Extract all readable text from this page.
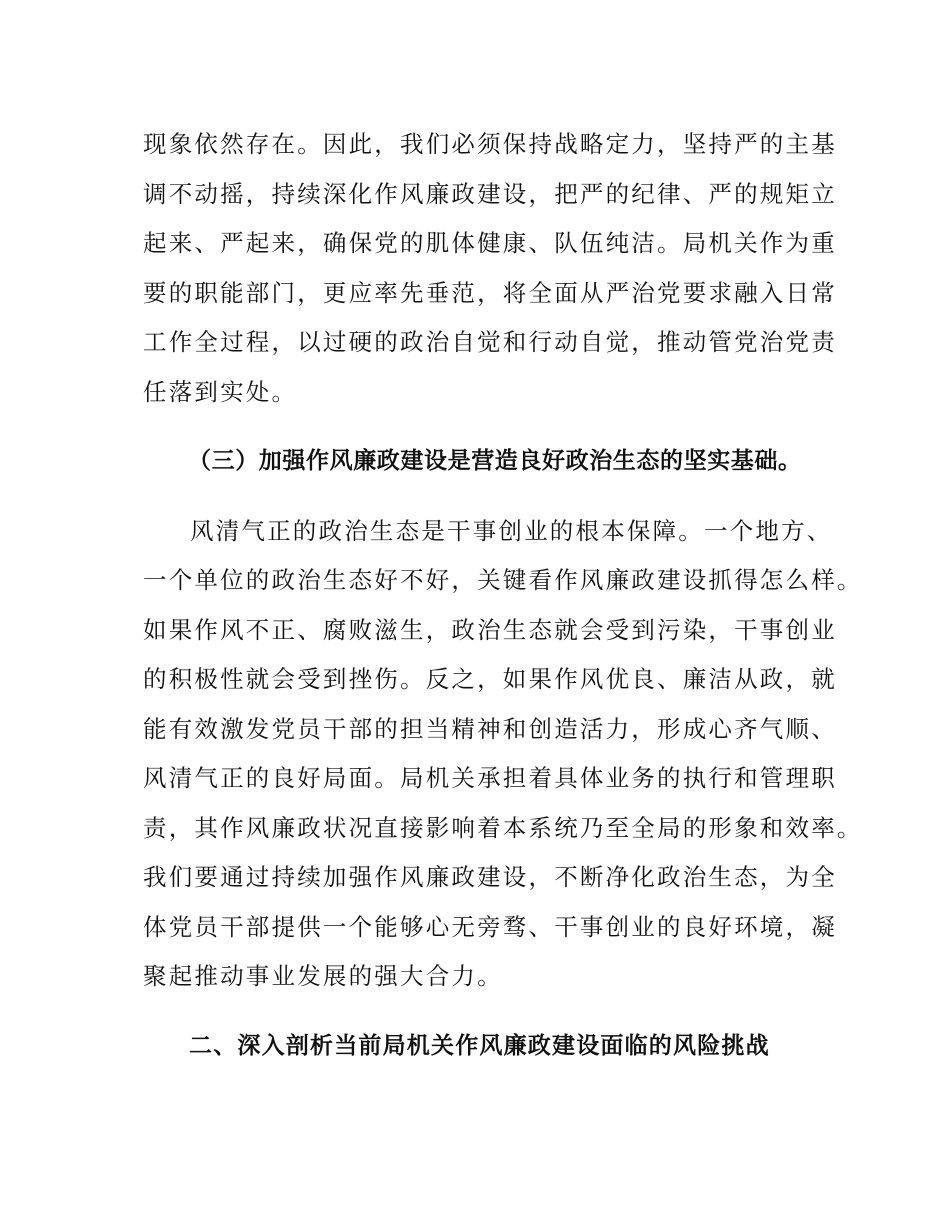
现象依然存在。因此，我们必须保持战略定力，坚持严的主基
调不动摇，持续深化作风廉政建设，把严的纪律、严的规矩立
起来、严起来，确保党的肌体健康、队伍纯洁。局机关作为重
要的职能部门，更应率先垂范，将全面从严治党要求融入日常
工作全过程，以过硬的政治自觉和行动自觉，推动管党治党责
任落到实处。
（三）加强作风廉政建设是营造良好政治生态的坚实基础。
风清气正的政治生态是干事创业的根本保障。一个地方、
一个单位的政治生态好不好，关键看作风廉政建设抓得怎么样。
如果作风不正、腐败滋生，政治生态就会受到污染，干事创业
的积极性就会受到挫伤。反之，如果作风优良、廉洁从政，就
能有效激发党员干部的担当精神和创造活力，形成心齐气顺、
风清气正的良好局面。局机关承担着具体业务的执行和管理职
责，其作风廉政状况直接影响着本系统乃至全局的形象和效率。
我们要通过持续加强作风廉政建设，不断净化政治生态，为全
体党员干部提供一个能够心无旁骛、干事创业的良好环境，凝
聚起推动事业发展的强大合力。
二、深入剖析当前局机关作风廉政建设面临的风险挑战
